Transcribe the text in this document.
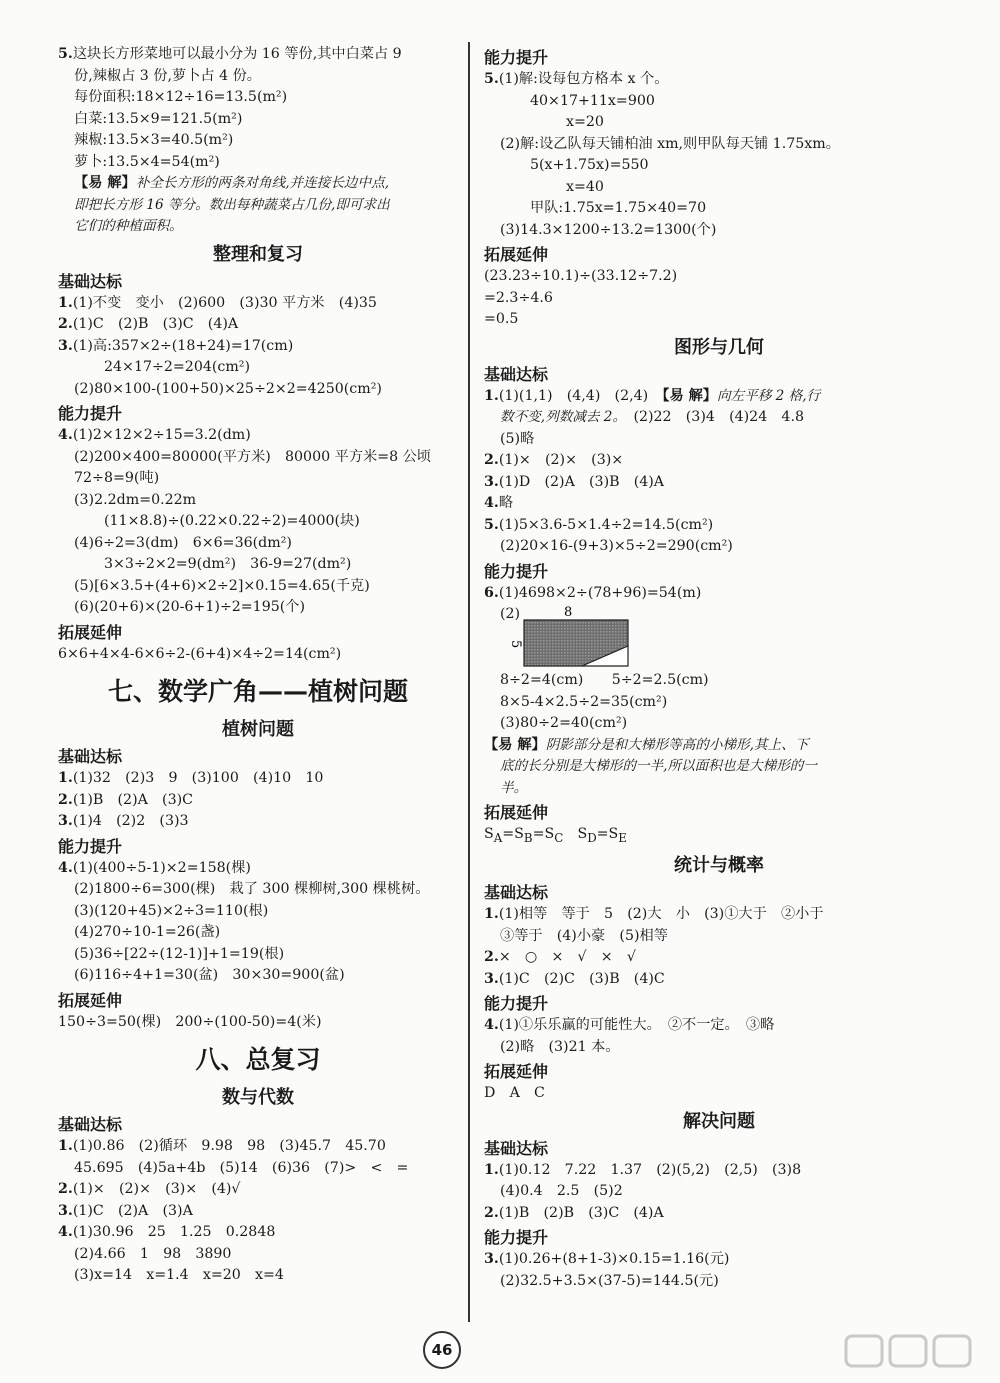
5.这块长方形菜地可以最小分为 16 等份,其中白菜占 9
份,辣椒占 3 份,萝卜占 4 份。
每份面积:18×12÷16=13.5(m²)
白菜:13.5×9=121.5(m²)
辣椒:13.5×3=40.5(m²)
萝卜:13.5×4=54(m²)
【易 解】补全长方形的两条对角线,并连接长边中点,
即把长方形 16 等分。数出每种蔬菜占几份,即可求出
它们的种植面积。
整理和复习
基础达标
1.(1)不变　变小　(2)600　(3)30 平方米　(4)35
2.(1)C　(2)B　(3)C　(4)A
3.(1)高:357×2÷(18+24)=17(cm)
24×17÷2=204(cm²)
(2)80×100-(100+50)×25÷2×2=4250(cm²)
能力提升
4.(1)2×12×2÷15=3.2(dm)
(2)200×400=80000(平方米)　80000 平方米=8 公顷
72÷8=9(吨)
(3)2.2dm=0.22m
(11×8.8)÷(0.22×0.22÷2)=4000(块)
(4)6÷2=3(dm)　6×6=36(dm²)
3×3÷2×2=9(dm²)　36-9=27(dm²)
(5)[6×3.5+(4+6)×2÷2]×0.15=4.65(千克)
(6)(20+6)×(20-6+1)÷2=195(个)
拓展延伸
6×6+4×4-6×6÷2-(6+4)×4÷2=14(cm²)
七、数学广角——植树问题
植树问题
基础达标
1.(1)32　(2)3　9　(3)100　(4)10　10
2.(1)B　(2)A　(3)C
3.(1)4　(2)2　(3)3
能力提升
4.(1)(400÷5-1)×2=158(棵)
(2)1800÷6=300(棵)　栽了 300 棵柳树,300 棵桃树。
(3)(120+45)×2÷3=110(根)
(4)270÷10-1=26(盏)
(5)36÷[22÷(12-1)]+1=19(根)
(6)116÷4+1=30(盆)　30×30=900(盆)
拓展延伸
150÷3=50(棵)　200÷(100-50)=4(米)
八、总复习
数与代数
基础达标
1.(1)0.86　(2)循环　9.98　98　(3)45.7　45.70
45.695　(4)5a+4b　(5)14　(6)36　(7)>　<　=
2.(1)×　(2)×　(3)×　(4)√
3.(1)C　(2)A　(3)A
4.(1)30.96　25　1.25　0.2848
(2)4.66　1　98　3890
(3)x=14　x=1.4　x=20　x=4
能力提升
5.(1)解:设每包方格本 x 个。
40×17+11x=900
x=20
(2)解:设乙队每天铺柏油 xm,则甲队每天铺 1.75xm。
5(x+1.75x)=550
x=40
甲队:1.75x=1.75×40=70
(3)14.3×1200÷13.2=1300(个)
拓展延伸
(23.23÷10.1)÷(33.12÷7.2)
=2.3÷4.6
=0.5
图形与几何
基础达标
1.(1)(1,1)　(4,4)　(2,4)　【易 解】向左平移 2 格,行
数不变,列数减去 2。　(2)22　(3)4　(4)24　4.8
(5)略
2.(1)×　(2)×　(3)×
3.(1)D　(2)A　(3)B　(4)A
4.略
5.(1)5×3.6-5×1.4÷2=14.5(cm²)
(2)20×16-(9+3)×5÷2=290(cm²)
能力提升
6.(1)4698×2÷(78+96)=54(m)
(2)	8
5
8÷2=4(cm)　　5÷2=2.5(cm)
8×5-4×2.5÷2=35(cm²)
(3)80÷2=40(cm²)
【易 解】阴影部分是和大梯形等高的小梯形,其上、下
底的长分别是大梯形的一半,所以面积也是大梯形的一
半。
拓展延伸
$S_A=S_B=S_C$　$S_D=S_E$
统计与概率
基础达标
1.(1)相等　等于　5　(2)大　小　(3)①大于　②小于
③等于　(4)小豪　(5)相等
2.×　○　×　√　×　√
3.(1)C　(2)C　(3)B　(4)C
能力提升
4.(1)①乐乐赢的可能性大。　②不一定。　③略
(2)略　(3)21 本。
拓展延伸
D　A　C
解决问题
基础达标
1.(1)0.12　7.22　1.37　(2)(5,2)　(2,5)　(3)8
(4)0.4　2.5　(5)2
2.(1)B　(2)B　(3)C　(4)A
能力提升
3.(1)0.26+(8+1-3)×0.15=1.16(元)
(2)32.5+3.5×(37-5)=144.5(元)
46
